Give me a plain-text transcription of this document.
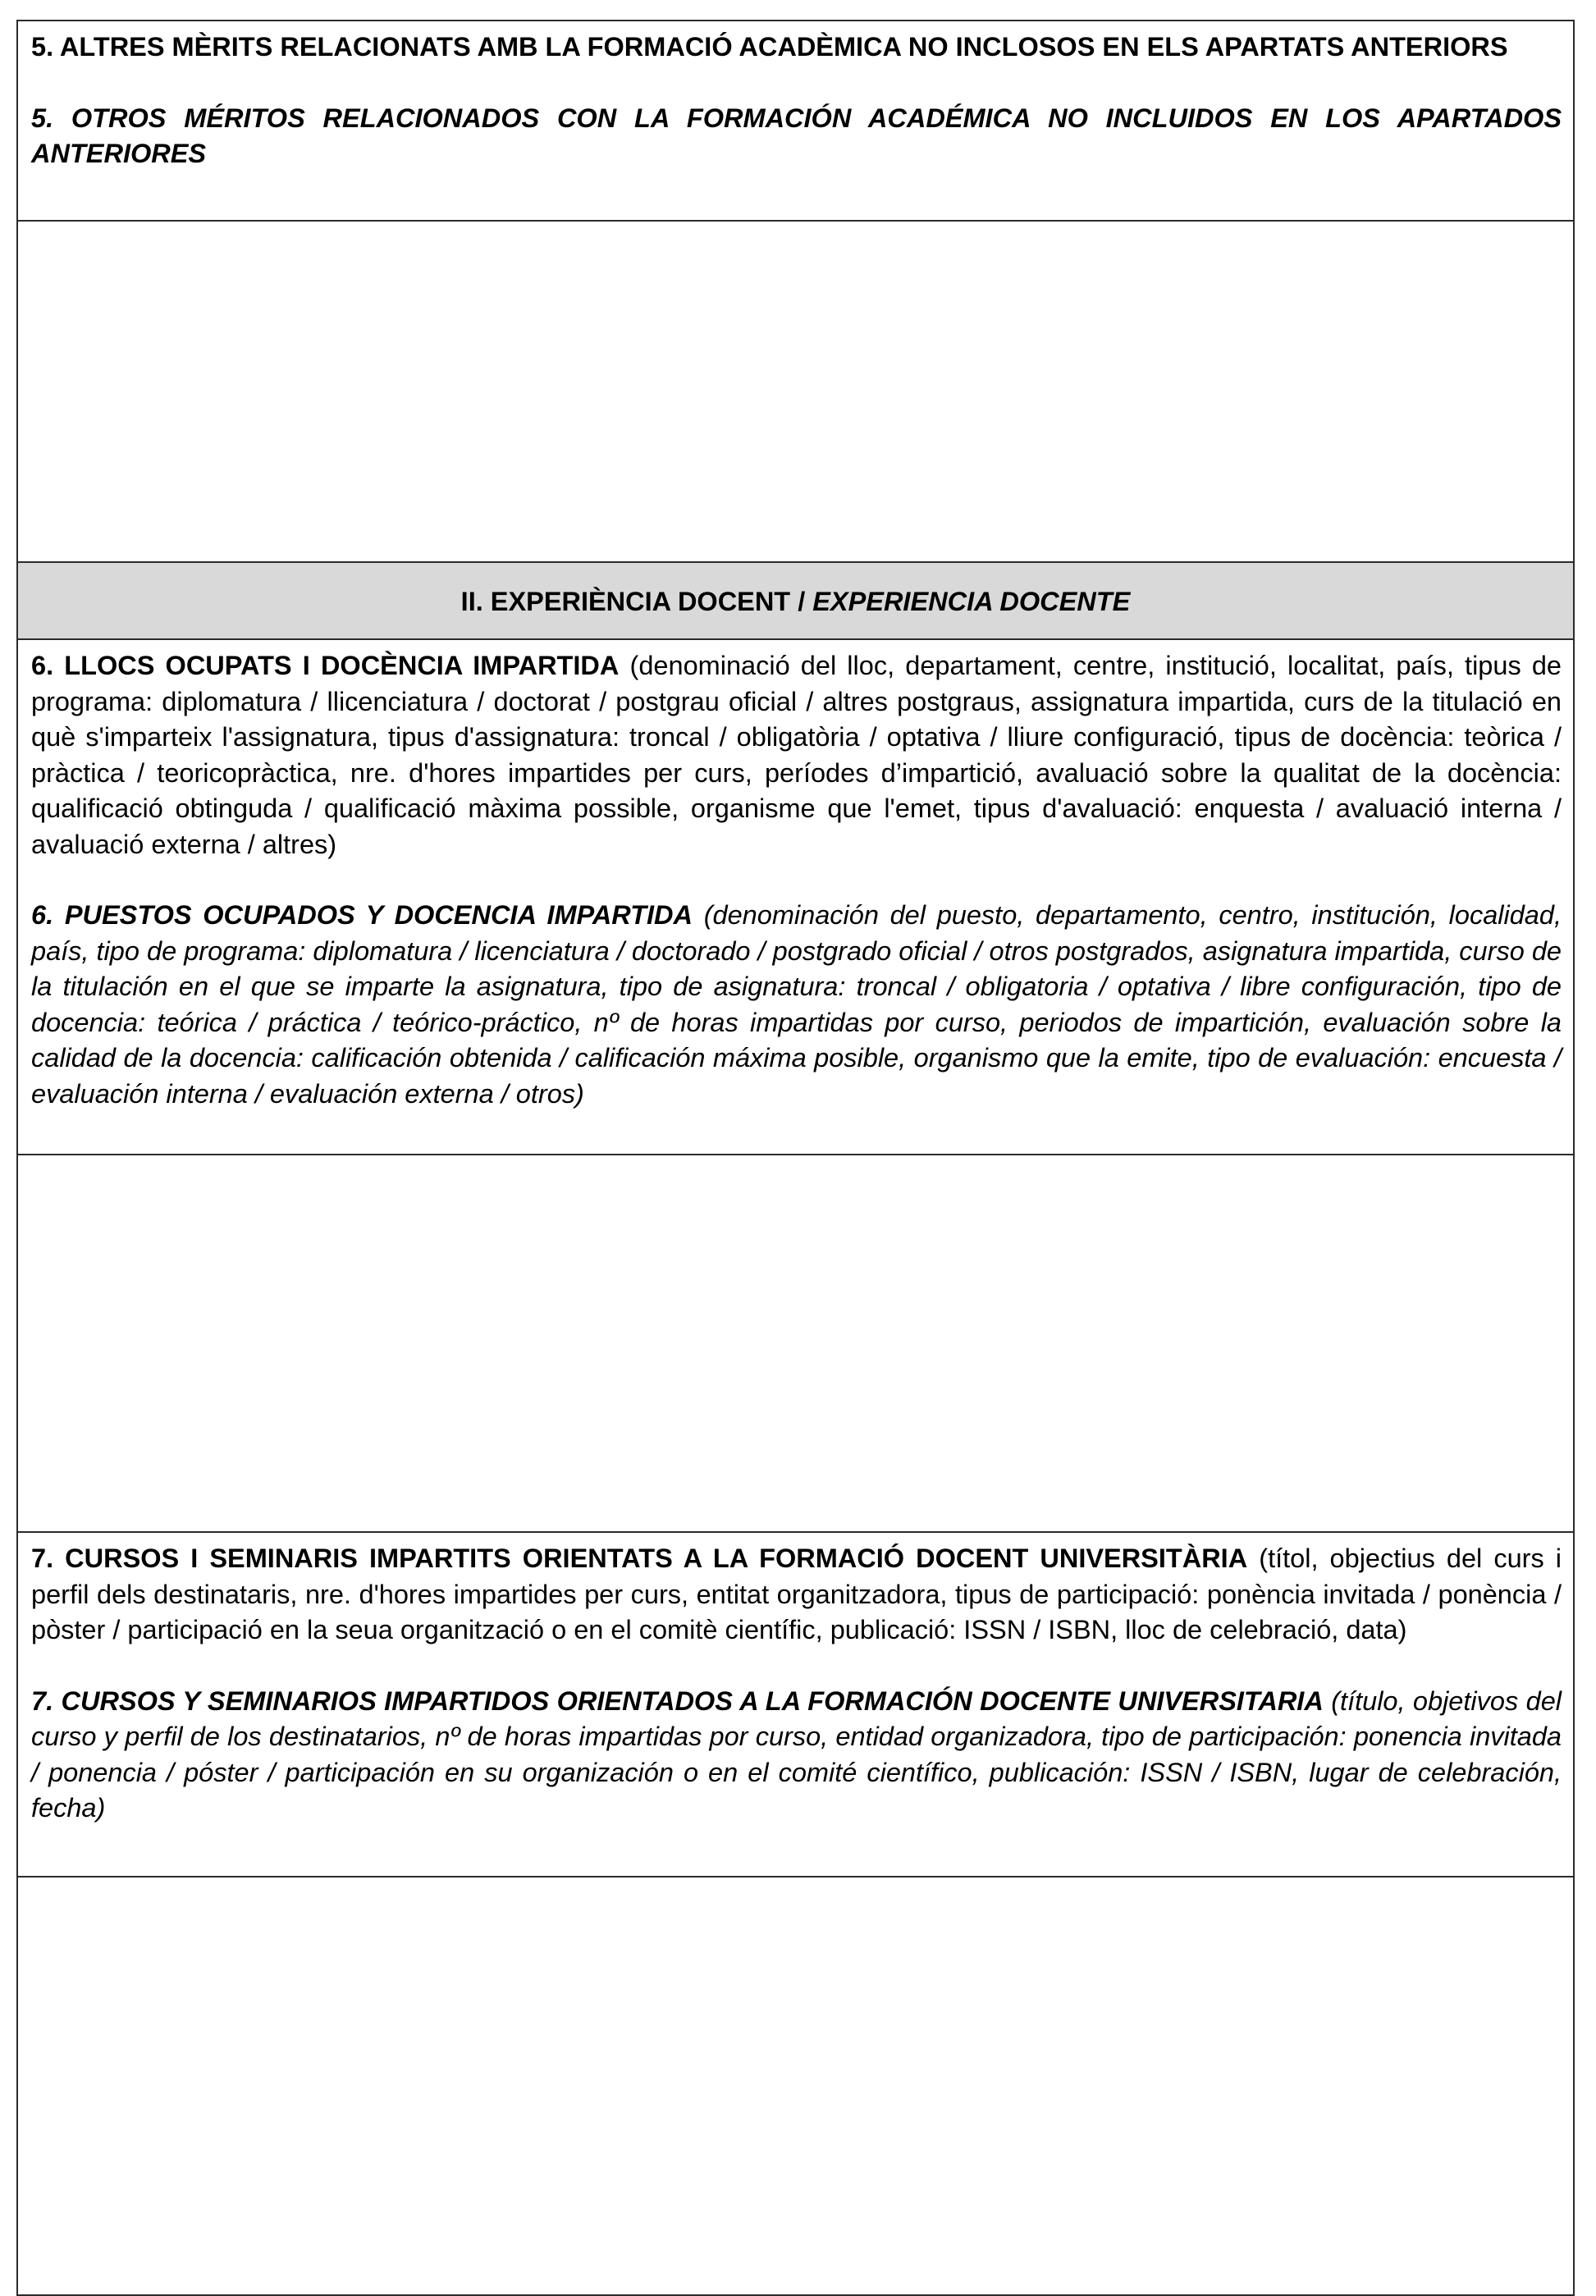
5. ALTRES MÈRITS RELACIONATS AMB LA FORMACIÓ ACADÈMICA NO INCLOSOS EN ELS APARTATS ANTERIORS

5. OTROS MÉRITOS RELACIONADOS CON LA FORMACIÓN ACADÉMICA NO INCLUIDOS EN LOS APARTADOS ANTERIORES

II. EXPERIÈNCIA DOCENT / EXPERIENCIA DOCENTE

6. LLOCS OCUPATS I DOCÈNCIA IMPARTIDA (denominació del lloc, departament, centre, institució, localitat, país, tipus de programa: diplomatura / llicenciatura / doctorat / postgrau oficial / altres postgraus, assignatura impartida, curs de la titulació en què s'imparteix l'assignatura, tipus d'assignatura: troncal / obligatòria / optativa / lliure configuració, tipus de docència: teòrica / pràctica / teoricopràctica, nre. d'hores impartides per curs, períodes d’impartició, avaluació sobre la qualitat de la docència: qualificació obtinguda / qualificació màxima possible, organisme que l'emet, tipus d'avaluació: enquesta / avaluació interna / avaluació externa / altres)

6. PUESTOS OCUPADOS Y DOCENCIA IMPARTIDA (denominación del puesto, departamento, centro, institución, localidad, país, tipo de programa: diplomatura / licenciatura / doctorado / postgrado oficial / otros postgrados, asignatura impartida, curso de la titulación en el que se imparte la asignatura, tipo de asignatura: troncal / obligatoria / optativa / libre configuración, tipo de docencia: teórica / práctica / teórico-práctico, nº de horas impartidas por curso, periodos de impartición, evaluación sobre la calidad de la docencia: calificación obtenida / calificación máxima posible, organismo que la emite, tipo de evaluación: encuesta / evaluación interna / evaluación externa / otros)

7. CURSOS I SEMINARIS IMPARTITS ORIENTATS A LA FORMACIÓ DOCENT UNIVERSITÀRIA (títol, objectius del curs i perfil dels destinataris, nre. d'hores impartides per curs, entitat organitzadora, tipus de participació: ponència invitada / ponència / pòster / participació en la seua organització o en el comitè científic, publicació: ISSN / ISBN, lloc de celebració, data)

7. CURSOS Y SEMINARIOS IMPARTIDOS ORIENTADOS A LA FORMACIÓN DOCENTE UNIVERSITARIA (título, objetivos del curso y perfil de los destinatarios, nº de horas impartidas por curso, entidad organizadora, tipo de participación: ponencia invitada / ponencia / póster / participación en su organización o en el comité científico, publicación: ISSN / ISBN, lugar de celebración, fecha)
